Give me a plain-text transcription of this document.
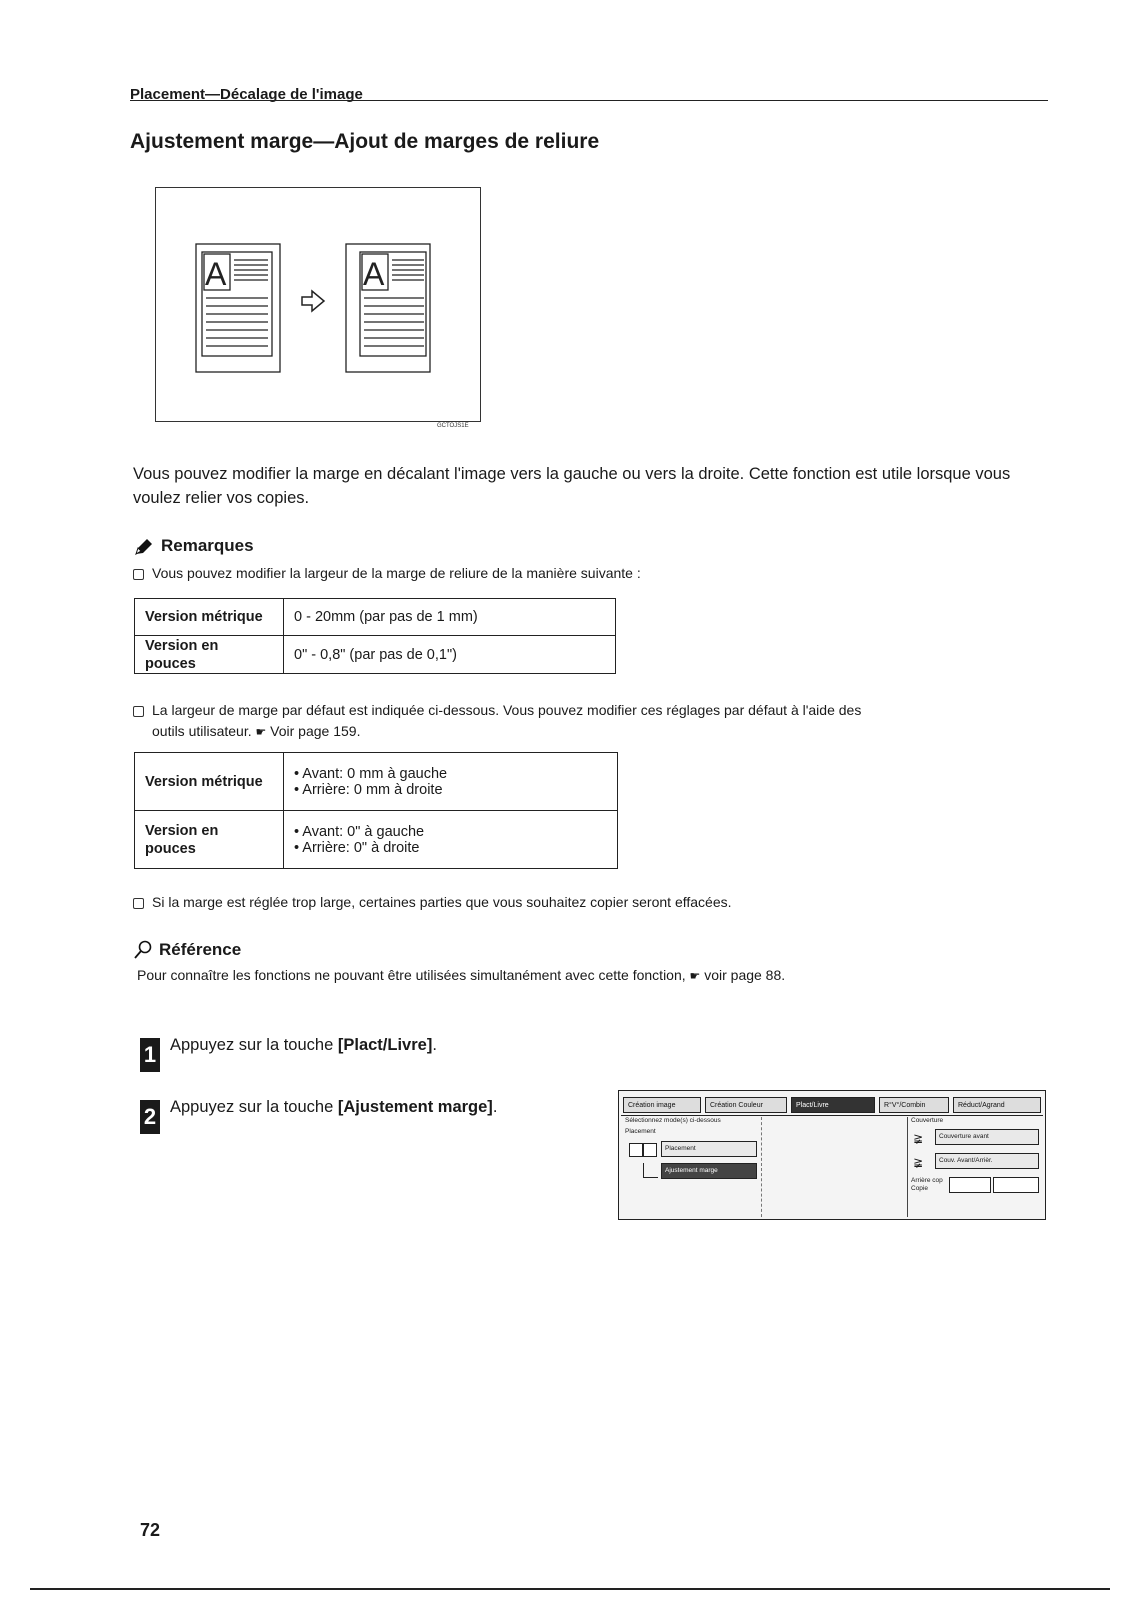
Placement—Décalage de l'image
Ajustement marge—Ajout de marges de reliure
A	A
GCTOJS1E
Vous pouvez modifier la marge en décalant l'image vers la gauche ou vers la droite. Cette fonction est utile lorsque vous voulez relier vos copies.
Remarques
Vous pouvez modifier la largeur de la marge de reliure de la manière suivante :
Version métrique	0 - 20mm (par pas de 1 mm)
Version en pouces	0" - 0,8" (par pas de 0,1")
La largeur de marge par défaut est indiquée ci-dessous. Vous pouvez modifier ces réglages par défaut à l'aide des
outils utilisateur. ☛ Voir page 159.
Version métrique	• Avant: 0 mm à gauche
• Arrière: 0 mm à droite

Version en pouces	• Avant: 0" à gauche
• Arrière: 0" à droite
Si la marge est réglée trop large, certaines parties que vous souhaitez copier seront effacées.
Référence
Pour connaître les fonctions ne pouvant être utilisées simultanément avec cette fonction, ☛ voir page 88.
1 Appuyez sur la touche [Plact/Livre].
2 Appuyez sur la touche [Ajustement marge].	Création image	Création Couleur	Plact/Livre	R°V°/Combin	Réduct/Agrand
Sélectionnez mode(s) ci-dessous
Placement
Placement
Ajustement marge
Couverture
≩	Couverture avant
≩	Couv. Avant/Arrièr.
Arrière cop Copie
72
